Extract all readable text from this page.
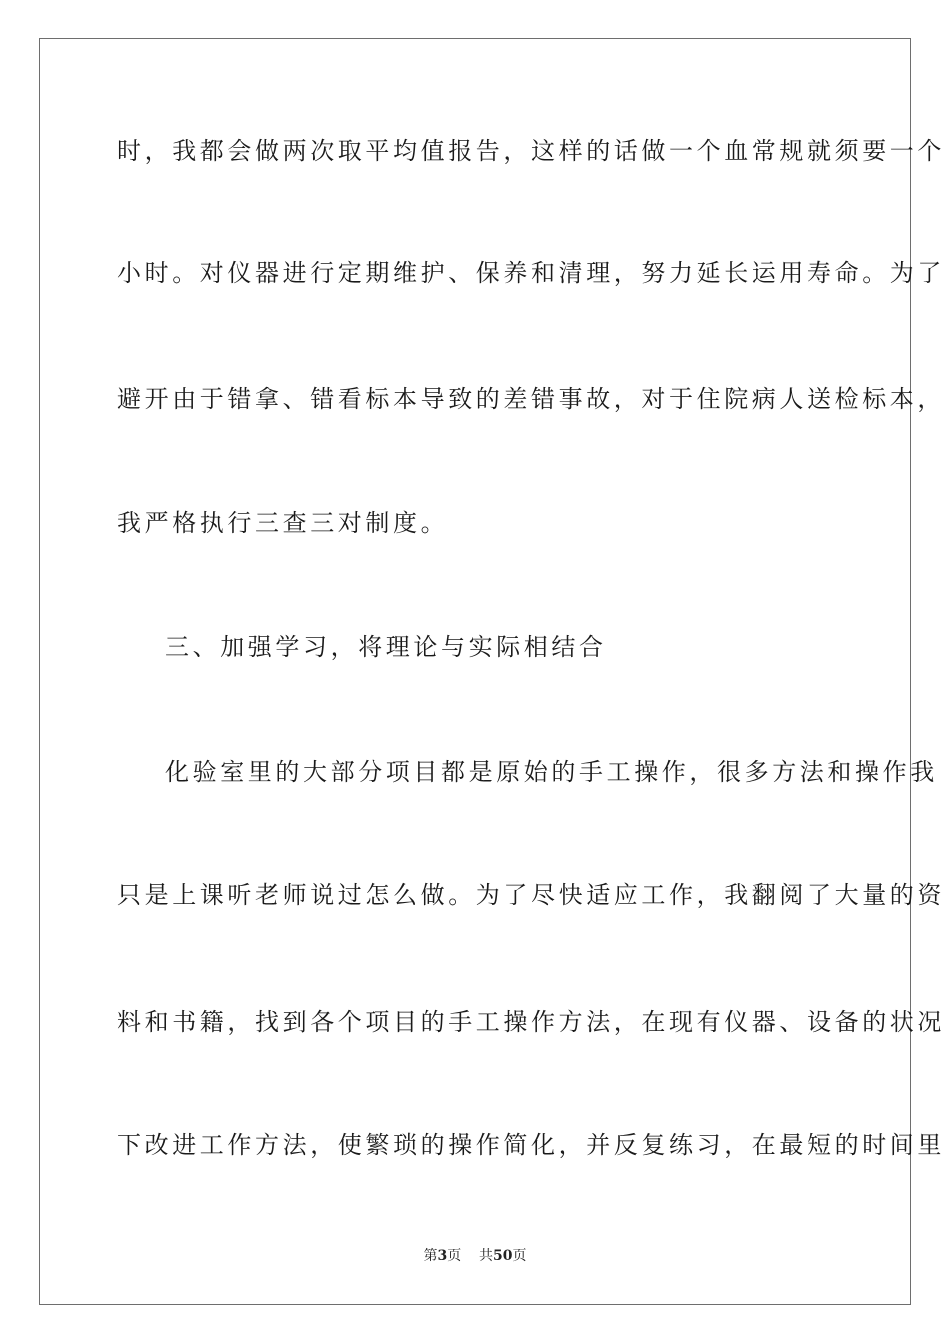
时，我都会做两次取平均值报告，这样的话做一个血常规就须要一个
小时。对仪器进行定期维护、保养和清理，努力延长运用寿命。为了
避开由于错拿、错看标本导致的差错事故，对于住院病人送检标本，
我严格执行三查三对制度。
三、加强学习，将理论与实际相结合
化验室里的大部分项目都是原始的手工操作，很多方法和操作我
只是上课听老师说过怎么做。为了尽快适应工作，我翻阅了大量的资
料和书籍，找到各个项目的手工操作方法，在现有仪器、设备的状况
下改进工作方法，使繁琐的操作简化，并反复练习，在最短的时间里
第3页 共50页
